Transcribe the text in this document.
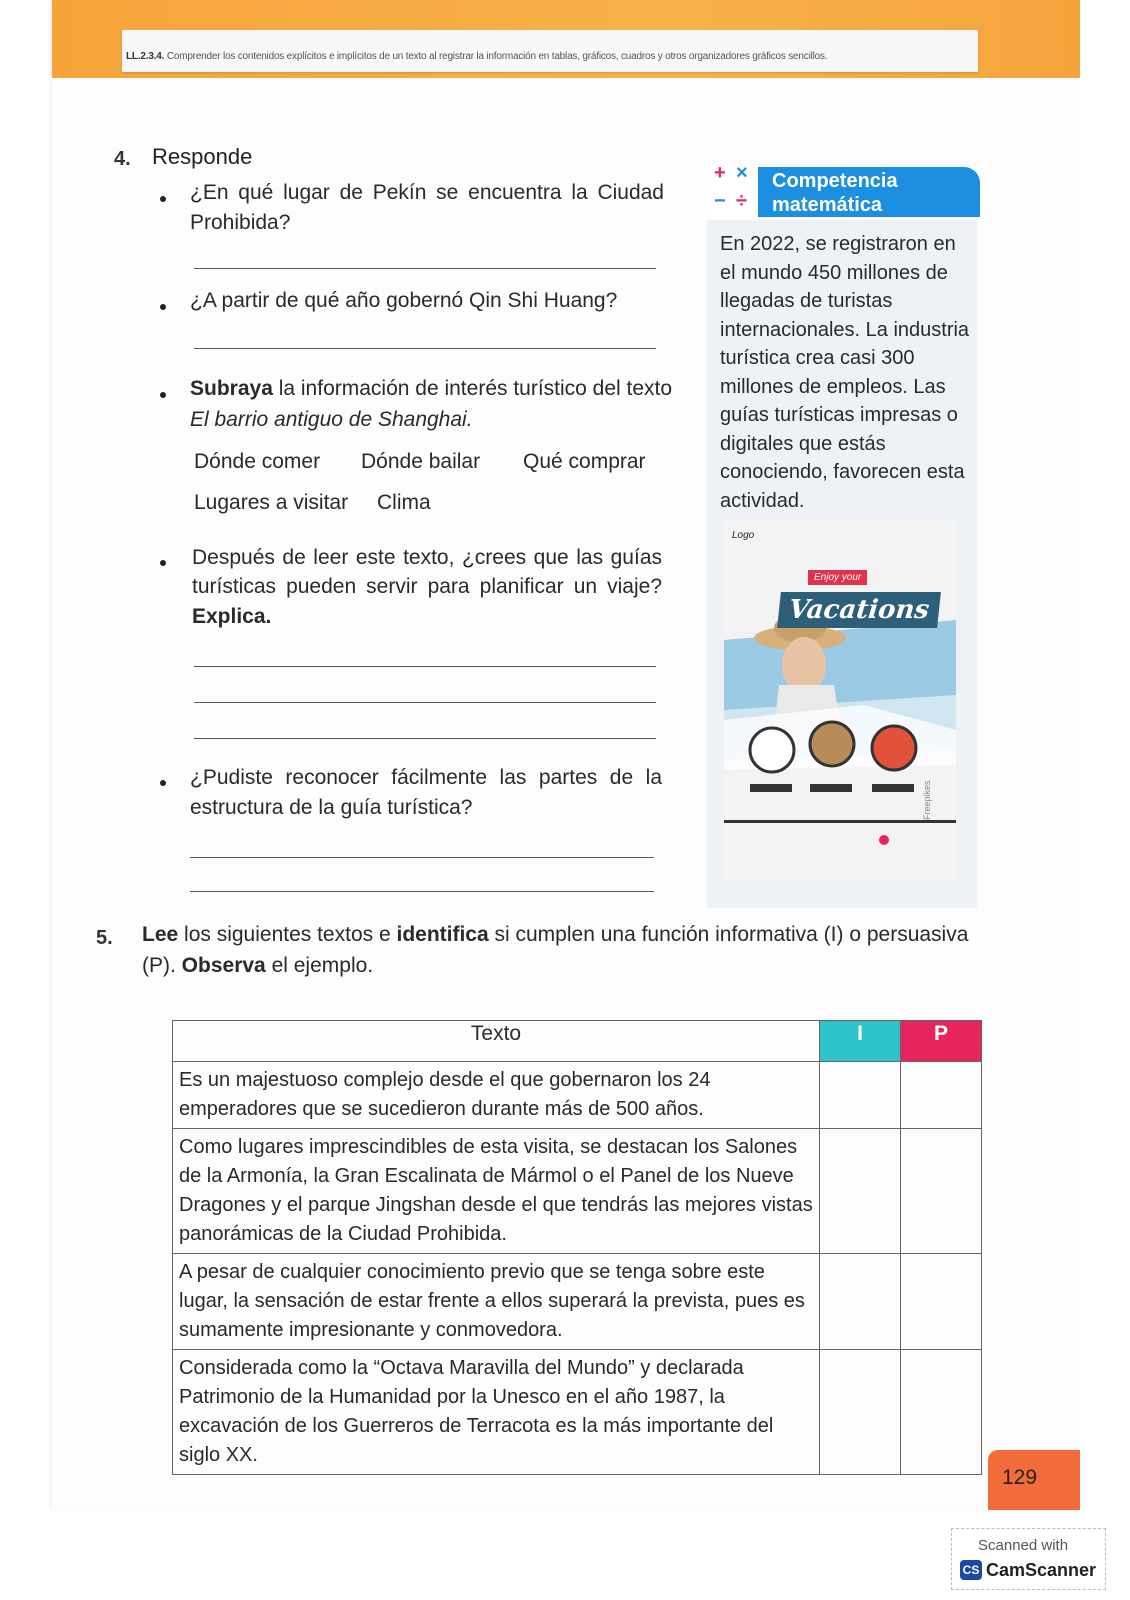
LL.2.3.4. Comprender los contenidos explícitos e implícitos de un texto al registrar la información en tablas, gráficos, cuadros y otros organizadores gráficos sencillos.
4. Responde
¿En qué lugar de Pekín se encuentra la Ciudad Prohibida?
¿A partir de qué año gobernó Qin Shi Huang?
Subraya la información de interés turístico del texto
El barrio antiguo de Shanghai.
Dónde comer Dónde bailar Qué comprar
Lugares a visitar Clima
Después de leer este texto, ¿crees que las guías
turísticas pueden servir para planificar un viaje?
Explica.
¿Pudiste reconocer fácilmente las partes de la
estructura de la guía turística?
+ ×
− ÷
Competencia
matemática
En 2022, se registraron en el mundo 450 millones de llegadas de turistas internacionales. La industria turística crea casi 300 millones de empleos. Las guías turísticas impresas o digitales que estás conociendo, favorecen esta actividad.
Logo
Enjoy your
Vacations
Freepikes
5. Lee los siguientes textos e identifica si cumplen una función informativa (I) o persuasiva
(P). Observa el ejemplo.
Texto	I	P
Es un majestuoso complejo desde el que gobernaron los 24 emperadores que se sucedieron durante más de 500 años.		
Como lugares imprescindibles de esta visita, se destacan los Salones de la Armonía, la Gran Escalinata de Mármol o el Panel de los Nueve Dragones y el parque Jingshan desde el que tendrás las mejores vistas panorámicas de la Ciudad Prohibida.		
A pesar de cualquier conocimiento previo que se tenga sobre este lugar, la sensación de estar frente a ellos superará la prevista, pues es sumamente impresionante y conmovedora.		
Considerada como la “Octava Maravilla del Mundo” y declarada Patrimonio de la Humanidad por la Unesco en el año 1987, la excavación de los Guerreros de Terracota es la más importante del siglo XX.		
129
Scanned with
CS CamScanner
